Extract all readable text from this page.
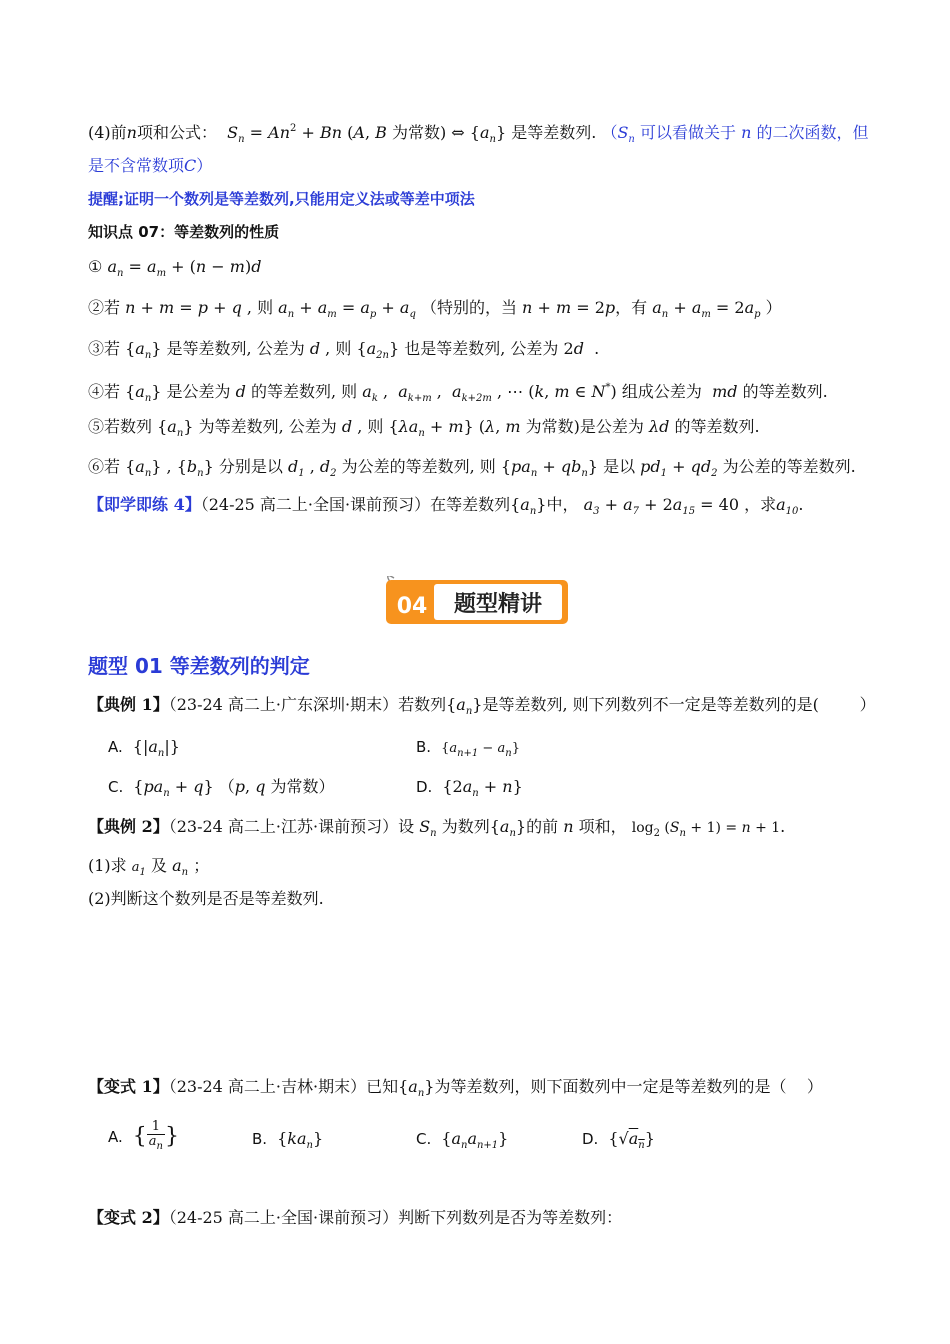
(4)前n项和公式： $S_n = An^2 + Bn$ (A, B 为常数) ⇔ $\{a_n\}$ 是等差数列. （$S_n$ 可以看做关于 n 的二次函数，但
是不含常数项C）
提醒;证明一个数列是等差数列,只能用定义法或等差中项法
知识点 07：等差数列的性质
① $a_n = a_m + (n - m)d$
②若 n + m = p + q , 则 $a_n + a_m = a_p + a_q$ （特别的，当 n + m = 2p，有 $a_n + a_m = 2a_p$ ）
③若 $\{a_n\}$ 是等差数列, 公差为 d , 则 $\{a_{2n}\}$ 也是等差数列, 公差为 2d  .
④若 $\{a_n\}$ 是公差为 d 的等差数列, 则 $a_k$ ,  $a_{k+m}$ ,  $a_{k+2m}$ , ⋯ (k, m ∈ N*) 组成公差为 md 的等差数列.
⑤若数列 $\{a_n\}$ 为等差数列, 公差为 d , 则 $\{\lambda a_n + m\}$ (λ, m 为常数)是公差为 λd 的等差数列.
⑥若 $\{a_n\}$ , $\{b_n\}$ 分别是以 $d_1$ , $d_2$ 为公差的等差数列, 则 $\{pa_n + qb_n\}$ 是以 $pd_1 + qd_2$ 为公差的等差数列.
【即学即练 4】（24-25 高二上·全国·课前预习）在等差数列$\{a_n\}$中， $a_3 + a_7 + 2a_{15} = 40$ ，求$a_{10}$.
04 题型精讲
题型 01 等差数列的判定
【典例 1】（23-24 高二上·广东深圳·期末）若数列$\{a_n\}$是等差数列, 则下列数列不一定是等差数列的是(	）
A. $\{|a_n|\}$	B. $\{a_{n+1} - a_n\}$
C. $\{pa_n + q\}$ （p, q 为常数）	D. $\{2a_n + n\}$
【典例 2】（23-24 高二上·江苏·课前预习）设 $S_n$ 为数列$\{a_n\}$的前 n 项和， $\log_2 (S_n + 1) = n + 1$.
(1)求 $a_1$ 及 $a_n$ ；
(2)判断这个数列是否是等差数列.
【变式 1】（23-24 高二上·吉林·期末）已知$\{a_n\}$为等差数列，则下面数列中一定是等差数列的是（ ）
A. { $\frac{1}{a_n}$ }	B. $\{ka_n\}$	C. $\{a_na_{n+1}\}$	D. $\{√a_n\}$
【变式 2】（24-25 高二上·全国·课前预习）判断下列数列是否为等差数列：
